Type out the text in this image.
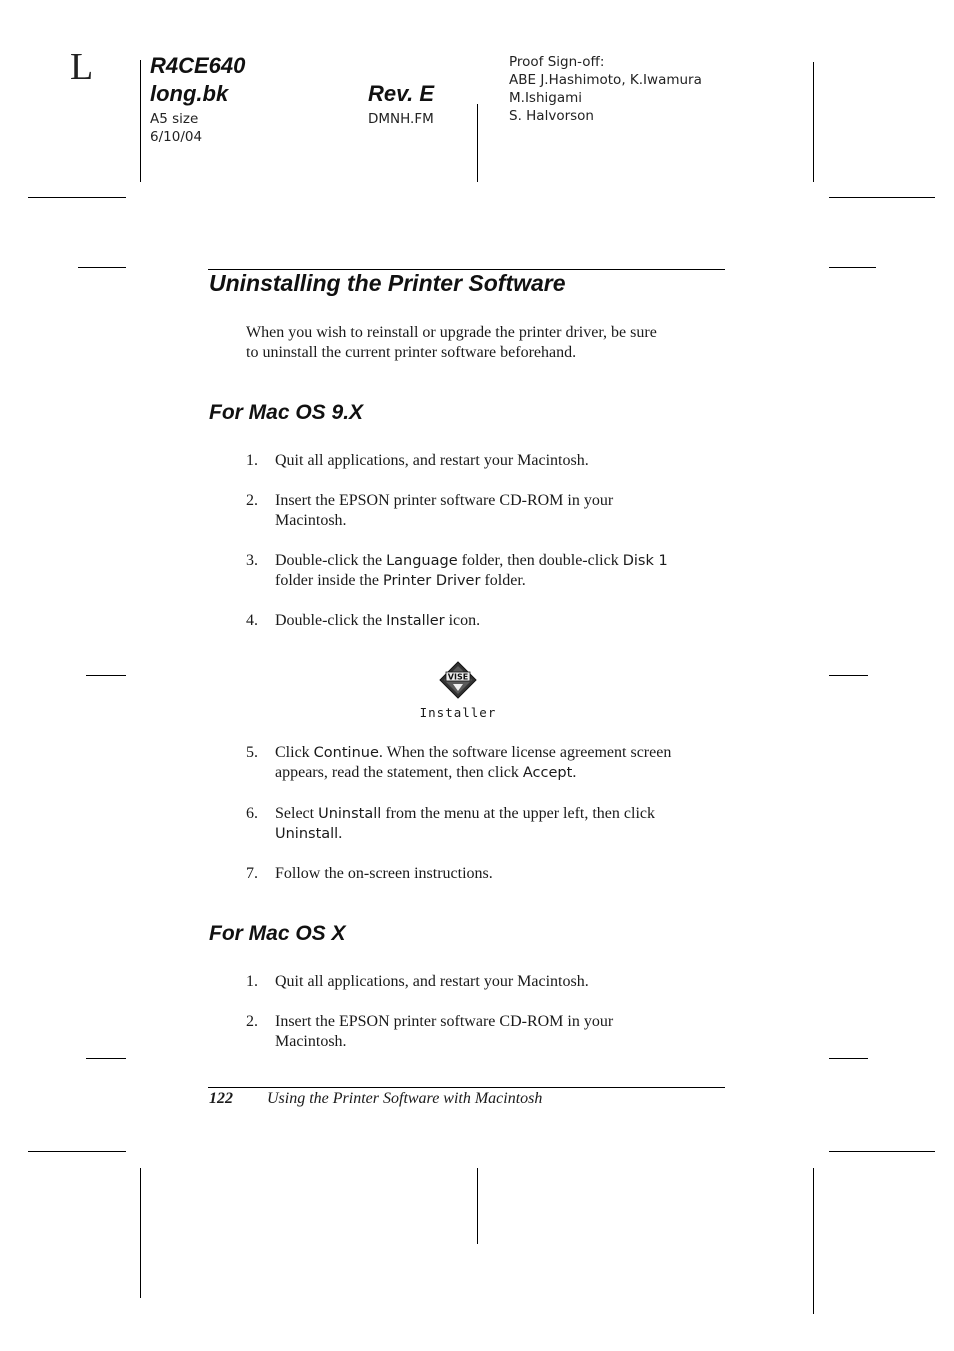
L	R4CE640
long.bk
A5 size
6/10/04
Rev. E
DMNH.FM
Proof Sign-off:
ABE J.Hashimoto, K.Iwamura
M.Ishigami
S. Halvorson
Uninstalling the Printer Software
When you wish to reinstall or upgrade the printer driver, be sure
to uninstall the current printer software beforehand.
For Mac OS 9.X
1. Quit all applications, and restart your Macintosh.
2. Insert the EPSON printer software CD-ROM in your
Macintosh.
3. Double-click the Language folder, then double-click Disk 1
folder inside the Printer Driver folder.
4. Double-click the Installer icon.
VISE
Installer
5. Click Continue. When the software license agreement screen
appears, read the statement, then click Accept.
6. Select Uninstall from the menu at the upper left, then click
Uninstall.
7. Follow the on-screen instructions.
For Mac OS X
1. Quit all applications, and restart your Macintosh.
2. Insert the EPSON printer software CD-ROM in your
Macintosh.
122 Using the Printer Software with Macintosh
